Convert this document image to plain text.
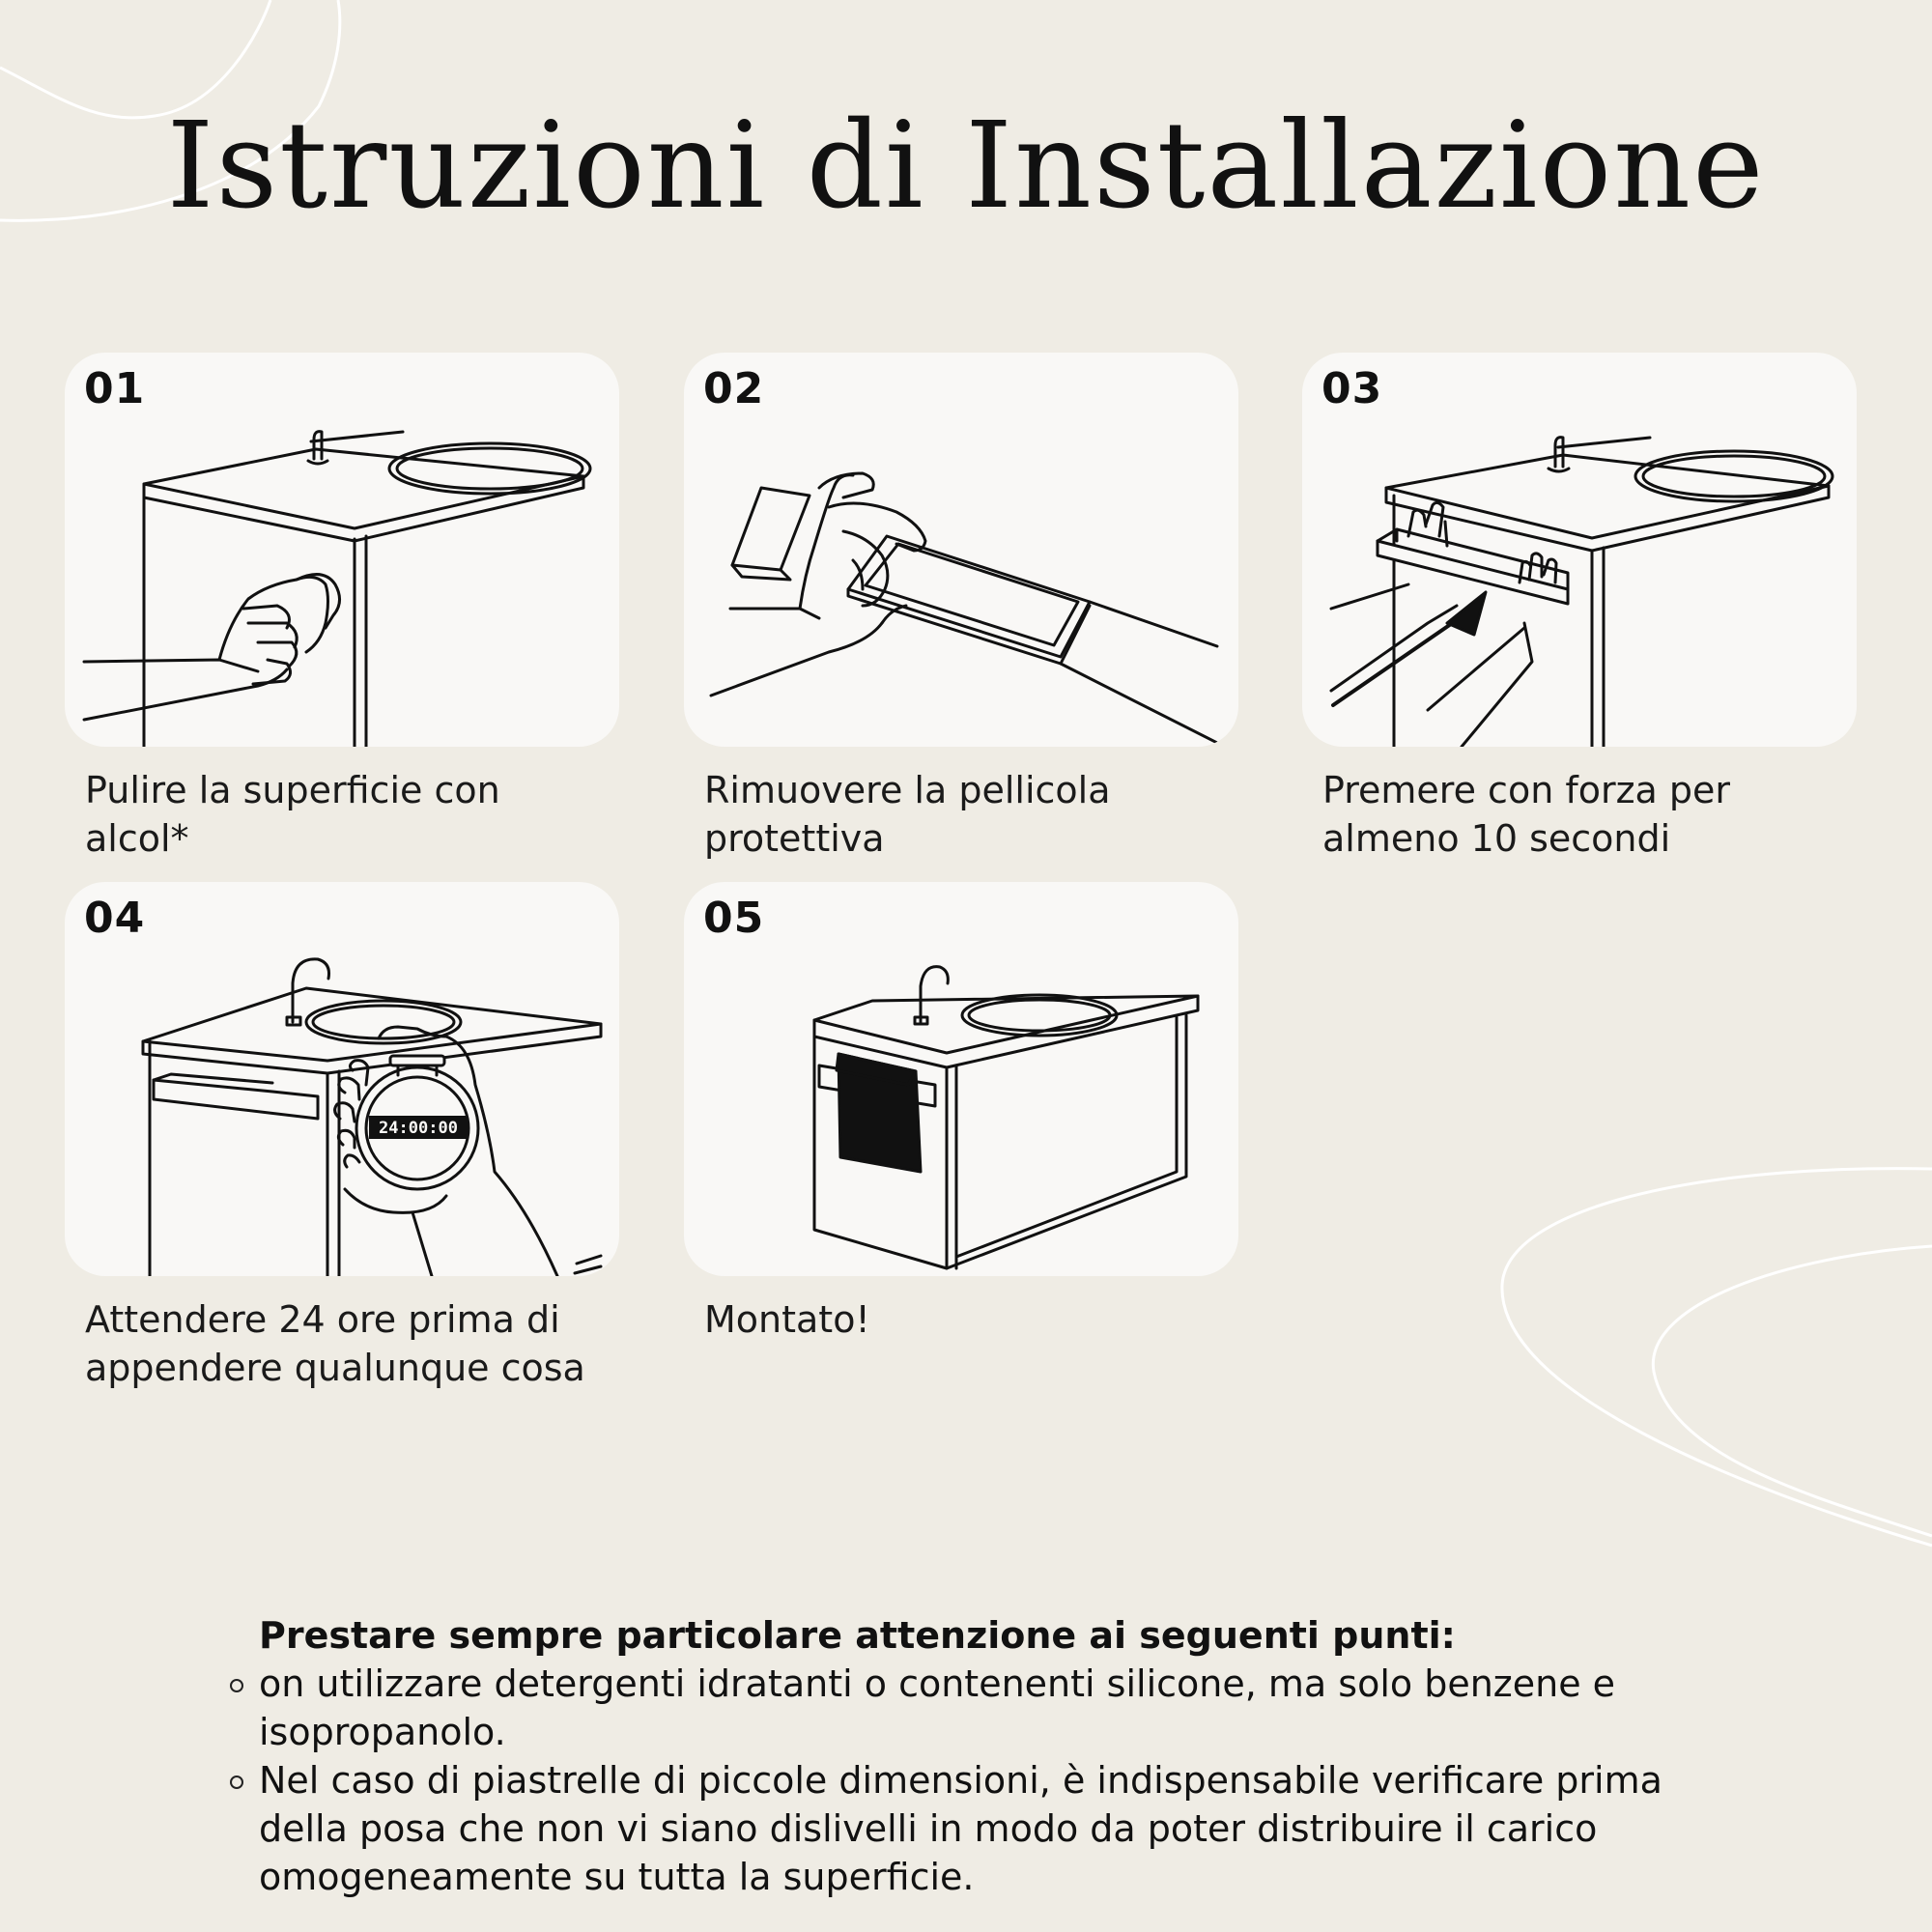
Istruzioni di Installazione
01

Pulire la superficie con
alcol*

02

Rimuovere la pellicola
protettiva

03

Premere con forza per
almeno 10 secondi

24:00:00
04

Attendere 24 ore prima di
appendere qualunque cosa

05

Montato!

Prestare sempre particolare attenzione ai seguenti punti:

on utilizzare detergenti idratanti o contenenti silicone, ma solo benzene e
isopropanolo.
Nel caso di piastrelle di piccole dimensioni, è indispensabile verificare prima
della posa che non vi siano dislivelli in modo da poter distribuire il carico
omogeneamente su tutta la superficie.
